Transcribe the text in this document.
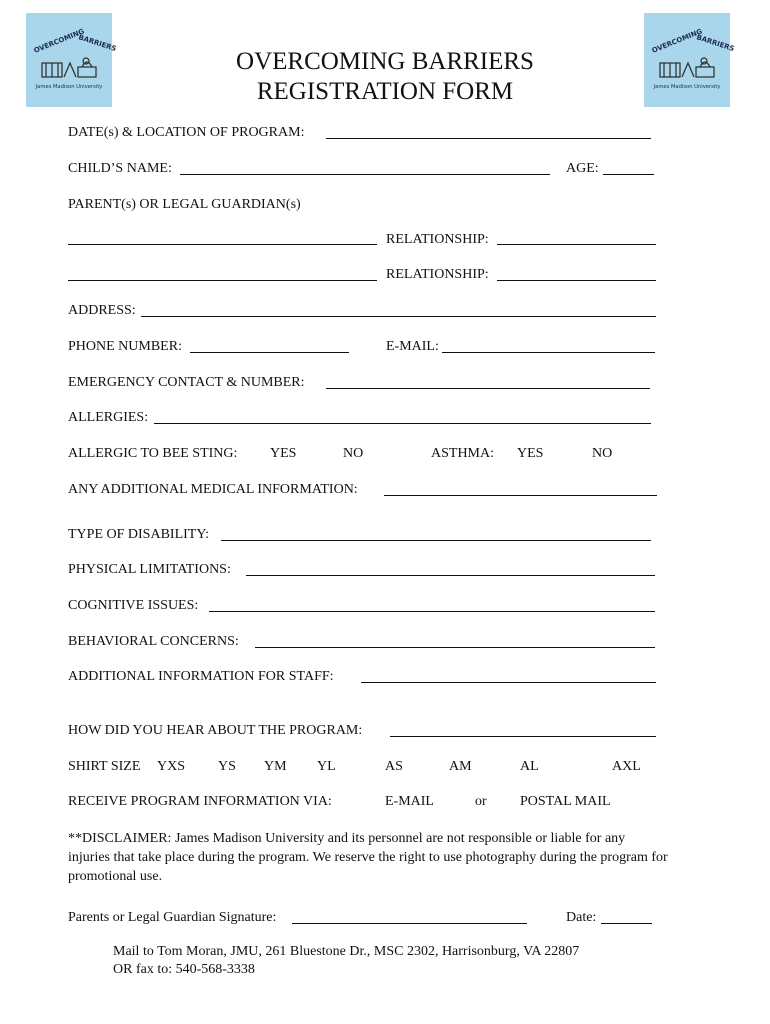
OVERCOMING
BARRIERS
James Madison University
OVERCOMING
BARRIERS
James Madison University
OVERCOMING BARRIERS
REGISTRATION FORM
DATE(s) & LOCATION OF PROGRAM:
CHILD’S NAME:	AGE:
PARENT(s) OR LEGAL GUARDIAN(s)
RELATIONSHIP:
RELATIONSHIP:
ADDRESS:
PHONE NUMBER:	E-MAIL:
EMERGENCY CONTACT & NUMBER:
ALLERGIES:
ALLERGIC TO BEE STING: YES	NO	ASTHMA: YES	NO
ANY ADDITIONAL MEDICAL INFORMATION:
TYPE OF DISABILITY:
PHYSICAL LIMITATIONS:
COGNITIVE ISSUES:
BEHAVIORAL CONCERNS:
ADDITIONAL INFORMATION FOR STAFF:
HOW DID YOU HEAR ABOUT THE PROGRAM:
SHIRT SIZE YXS YS YM YL	AS	AM	AL	AXL
RECEIVE PROGRAM INFORMATION VIA:	E-MAIL	or POSTAL MAIL
**DISCLAIMER: James Madison University and its personnel are not responsible or liable for any injuries that take place during the program. We reserve the right to use photography during the program for promotional use.
Parents or Legal Guardian Signature:	Date:
Mail to Tom Moran, JMU, 261 Bluestone Dr., MSC 2302, Harrisonburg, VA 22807
OR fax to: 540-568-3338
